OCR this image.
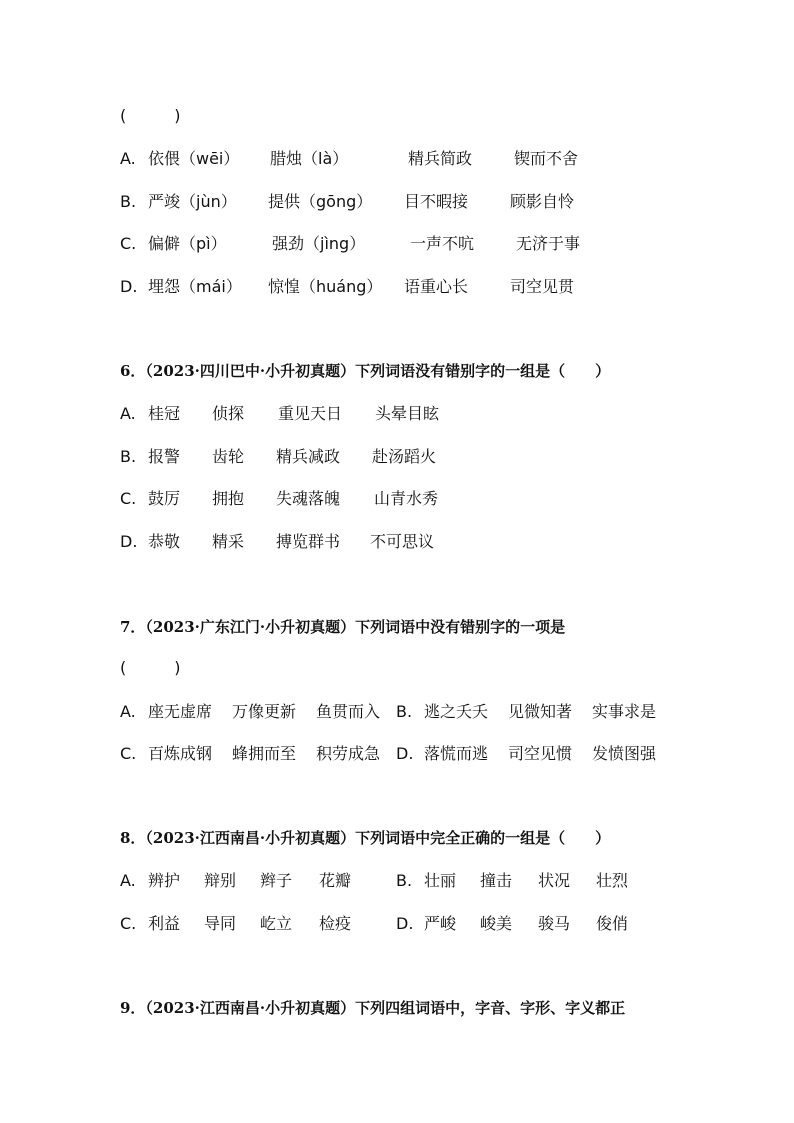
(　　　)
A. 依偎（wēi） 腊烛（là）	精兵简政	锲而不舍
B. 严竣（jùn） 提供（gōng） 目不暇接	顾影自怜
C. 偏僻（pì）	强劲（jìng）	一声不吭	无济于事
D. 埋怨（mái） 惊惶（huáng） 语重心长	司空见贯
6．（2023·四川巴中·小升初真题）下列词语没有错别字的一组是（　　）
A. 桂冠 侦探 重见天日 头晕目眩
B. 报警 齿轮 精兵减政 赴汤蹈火
C. 鼓厉 拥抱 失魂落魄 山青水秀
D. 恭敬 精采 搏览群书 不可思议
7．（2023·广东江门·小升初真题）下列词语中没有错别字的一项是
(　　　)
A. 座无虚席 万像更新 鱼贯而入 B. 逃之夭夭 见微知著 实事求是
C. 百炼成钢 蜂拥而至 积劳成急 D. 落慌而逃 司空见惯 发愤图强
8．（2023·江西南昌·小升初真题）下列词语中完全正确的一组是（　　）
A. 辨护 辩别 辫子 花瓣	B. 壮丽 撞击 状况 壮烈
C. 利益 导同 屹立 检疫	D. 严峻 峻美 骏马 俊俏
9．（2023·江西南昌·小升初真题）下列四组词语中，字音、字形、字义都正
